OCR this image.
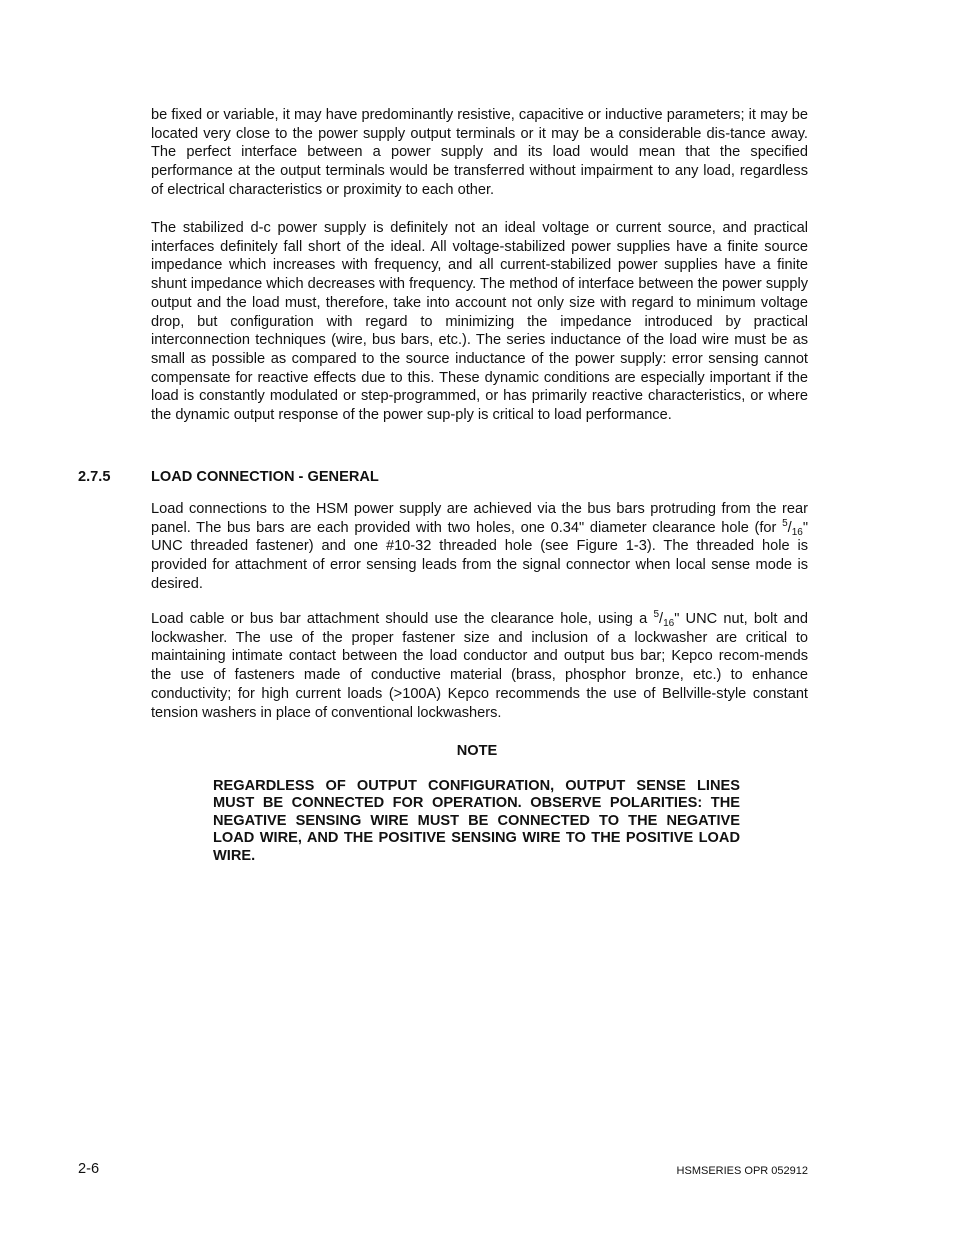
be fixed or variable, it may have predominantly resistive, capacitive or inductive parameters; it may be located very close to the power supply output terminals or it may be a considerable dis-tance away. The perfect interface between a power supply and its load would mean that the specified performance at the output terminals would be transferred without impairment to any load, regardless of electrical characteristics or proximity to each other.

The stabilized d-c power supply is definitely not an ideal voltage or current source, and practical interfaces definitely fall short of the ideal. All voltage-stabilized power supplies have a finite source impedance which increases with frequency, and all current-stabilized power supplies have a finite shunt impedance which decreases with frequency. The method of interface between the power supply output and the load must, therefore, take into account not only size with regard to minimum voltage drop, but configuration with regard to minimizing the impedance introduced by practical interconnection techniques (wire, bus bars, etc.). The series inductance of the load wire must be as small as possible as compared to the source inductance of the power supply: error sensing cannot compensate for reactive effects due to this. These dynamic conditions are especially important if the load is constantly modulated or step-programmed, or has primarily reactive characteristics, or where the dynamic output response of the power sup-ply is critical to load performance.

2.7.5	LOAD CONNECTION - GENERAL

Load connections to the HSM power supply are achieved via the bus bars protruding from the rear panel. The bus bars are each provided with two holes, one 0.34" diameter clearance hole (for $^5/_{16}$" UNC threaded fastener) and one #10-32 threaded hole (see Figure 1-3). The threaded hole is provided for attachment of error sensing leads from the signal connector when local sense mode is desired.

Load cable or bus bar attachment should use the clearance hole, using a $^5/_{16}$" UNC nut, bolt and lockwasher. The use of the proper fastener size and inclusion of a lockwasher are critical to maintaining intimate contact between the load conductor and output bus bar; Kepco recom-mends the use of fasteners made of conductive material (brass, phosphor bronze, etc.) to enhance conductivity; for high current loads (>100A) Kepco recommends the use of Bellville-style constant tension washers in place of conventional lockwashers.

NOTE

REGARDLESS OF OUTPUT CONFIGURATION, OUTPUT SENSE LINES MUST BE CONNECTED FOR OPERATION. OBSERVE POLARITIES: THE NEGATIVE SENSING WIRE MUST BE CONNECTED TO THE NEGATIVE LOAD WIRE, AND THE POSITIVE SENSING WIRE TO THE POSITIVE LOAD WIRE.

2-6	HSMSERIES OPR 052912
